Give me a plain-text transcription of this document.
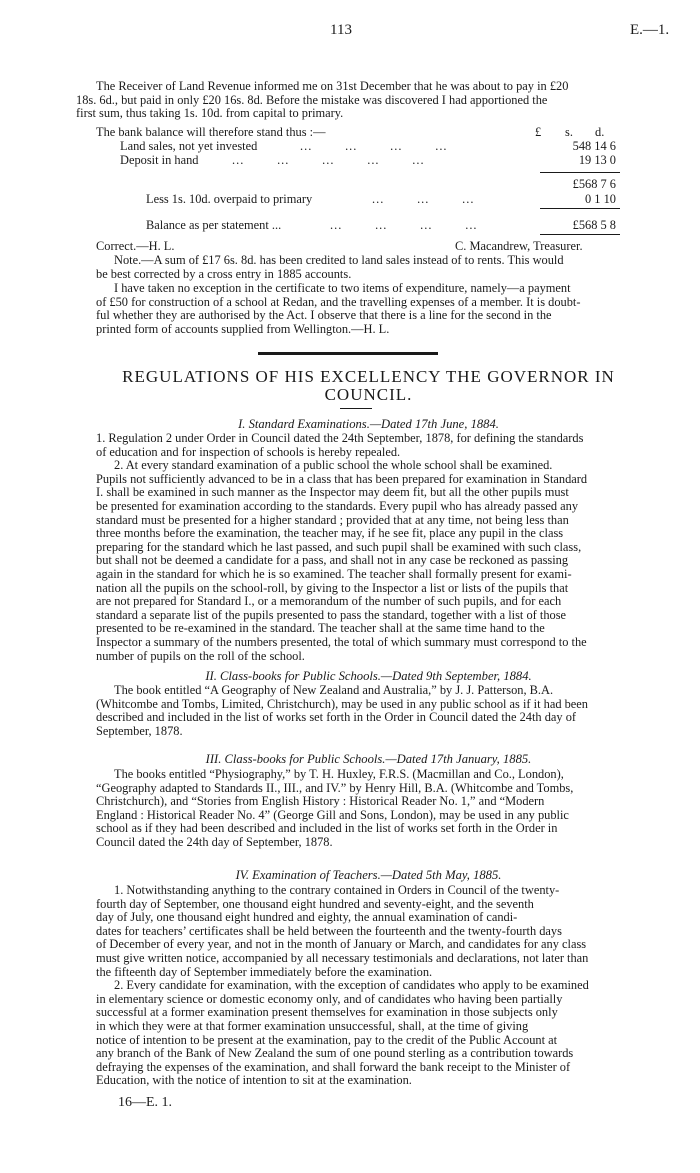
113	E.—1.
The Receiver of Land Revenue informed me on 31st December that he was about to pay in £20
18s. 6d., but paid in only £20 16s. 8d. Before the mistake was discovered I had apportioned the
first sum, thus taking 1s. 10d. from capital to primary.
The bank balance will therefore stand thus :—	£ s. d.
Land sales, not yet invested	...        ...        ...        ...	548 14 6
Deposit in hand	...        ...        ...        ...        ...	19 13 0
£568 7 6
Less 1s. 10d. overpaid to primary	...        ...        ...	0 1 10
Balance as per statement ...	...        ...        ...        ...	£568 5 8
Correct.—H. L.	C. Macandrew, Treasurer.
Note.—A sum of £17 6s. 8d. has been credited to land sales instead of to rents. This would
be best corrected by a cross entry in 1885 accounts.
I have taken no exception in the certificate to two items of expenditure, namely—a payment
of £50 for construction of a school at Redan, and the travelling expenses of a member. It is doubt-
ful whether they are authorised by the Act. I observe that there is a line for the second in the
printed form of accounts supplied from Wellington.—H. L.
REGULATIONS OF HIS EXCELLENCY THE GOVERNOR IN
COUNCIL.
I. Standard Examinations.—Dated 17th June, 1884.
1. Regulation 2 under Order in Council dated the 24th September, 1878, for defining the standards
of education and for inspection of schools is hereby repealed.
2. At every standard examination of a public school the whole school shall be examined.
Pupils not sufficiently advanced to be in a class that has been prepared for examination in Standard
I. shall be examined in such manner as the Inspector may deem fit, but all the other pupils must
be presented for examination according to the standards. Every pupil who has already passed any
standard must be presented for a higher standard ; provided that at any time, not being less than
three months before the examination, the teacher may, if he see fit, place any pupil in the class
preparing for the standard which he last passed, and such pupil shall be examined with such class,
but shall not be deemed a candidate for a pass, and shall not in any case be reckoned as passing
again in the standard for which he is so examined. The teacher shall formally present for exami-
nation all the pupils on the school-roll, by giving to the Inspector a list or lists of the pupils that
are not prepared for Standard I., or a memorandum of the number of such pupils, and for each
standard a separate list of the pupils presented to pass the standard, together with a list of those
presented to be re-examined in the standard. The teacher shall at the same time hand to the
Inspector a summary of the numbers presented, the total of which summary must correspond to the
number of pupils on the roll of the school.
II. Class-books for Public Schools.—Dated 9th September, 1884.
The book entitled “A Geography of New Zealand and Australia,” by J. J. Patterson, B.A.
(Whitcombe and Tombs, Limited, Christchurch), may be used in any public school as if it had been
described and included in the list of works set forth in the Order in Council dated the 24th day of
September, 1878.
III. Class-books for Public Schools.—Dated 17th January, 1885.
The books entitled “Physiography,” by T. H. Huxley, F.R.S. (Macmillan and Co., London),
“Geography adapted to Standards II., III., and IV.” by Henry Hill, B.A. (Whitcombe and Tombs,
Christchurch), and “Stories from English History : Historical Reader No. 1,” and “Modern
England : Historical Reader No. 4” (George Gill and Sons, London), may be used in any public
school as if they had been described and included in the list of works set forth in the Order in
Council dated the 24th day of September, 1878.
IV. Examination of Teachers.—Dated 5th May, 1885.
1. Notwithstanding anything to the contrary contained in Orders in Council of the twenty-
fourth day of September, one thousand eight hundred and seventy-eight, and the seventh
day of July, one thousand eight hundred and eighty, the annual examination of candi-
dates for teachers’ certificates shall be held between the fourteenth and the twenty-fourth days
of December of every year, and not in the month of January or March, and candidates for any class
must give written notice, accompanied by all necessary testimonials and declarations, not later than
the fifteenth day of September immediately before the examination.
2. Every candidate for examination, with the exception of candidates who apply to be examined
in elementary science or domestic economy only, and of candidates who having been partially
successful at a former examination present themselves for examination in those subjects only
in which they were at that former examination unsuccessful, shall, at the time of giving
notice of intention to be present at the examination, pay to the credit of the Public Account at
any branch of the Bank of New Zealand the sum of one pound sterling as a contribution towards
defraying the expenses of the examination, and shall forward the bank receipt to the Minister of
Education, with the notice of intention to sit at the examination.
16—E. 1.
